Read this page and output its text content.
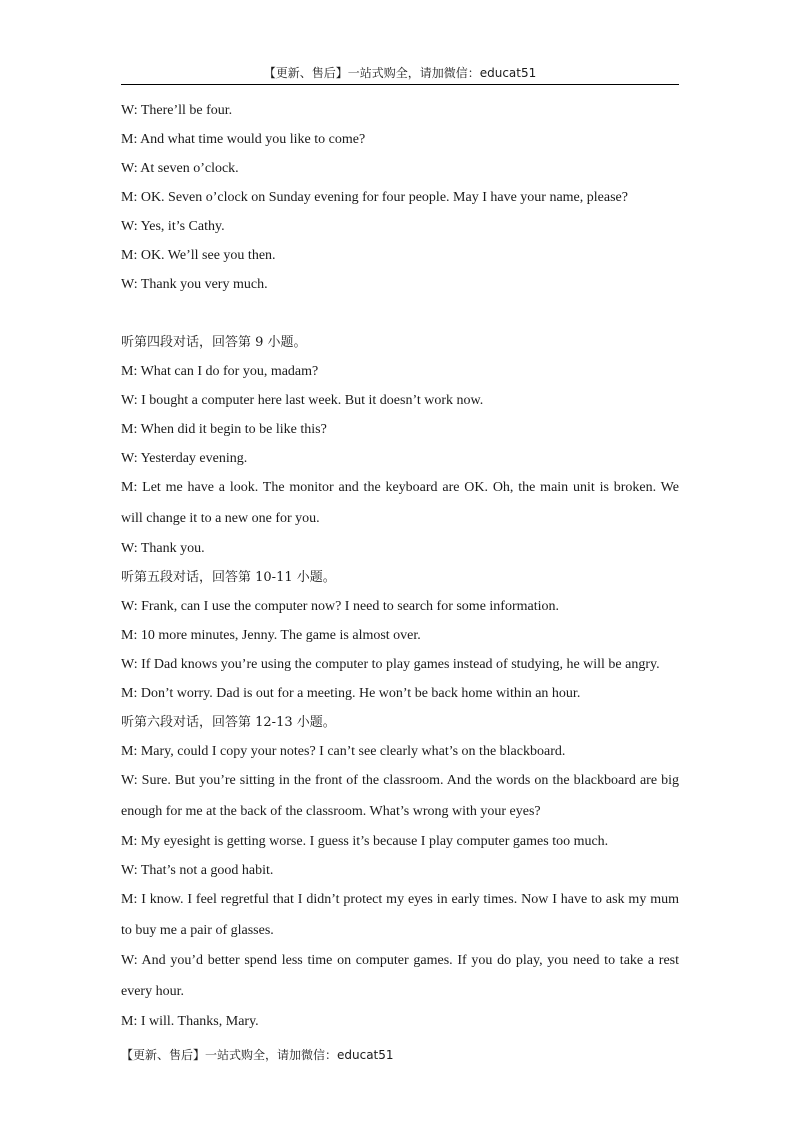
【更新、售后】一站式购全，请加微信：educat51
W: There’ll be four.
M: And what time would you like to come?
W: At seven o’clock.
M: OK. Seven o’clock on Sunday evening for four people. May I have your name, please?
W: Yes, it’s Cathy.
M: OK. We’ll see you then.
W: Thank you very much.
听第四段对话，回答第 9 小题。
M: What can I do for you, madam?
W: I bought a computer here last week. But it doesn’t work now.
M: When did it begin to be like this?
W: Yesterday evening.
M: Let me have a look. The monitor and the keyboard are OK. Oh, the main unit is broken. We will change it to a new one for you.
W: Thank you.
听第五段对话，回答第 10-11 小题。
W: Frank, can I use the computer now? I need to search for some information.
M: 10 more minutes, Jenny. The game is almost over.
W: If Dad knows you’re using the computer to play games instead of studying, he will be angry.
M: Don’t worry. Dad is out for a meeting. He won’t be back home within an hour.
听第六段对话，回答第 12-13 小题。
M: Mary, could I copy your notes? I can’t see clearly what’s on the blackboard.
W: Sure. But you’re sitting in the front of the classroom. And the words on the blackboard are big enough for me at the back of the classroom. What’s wrong with your eyes?
M: My eyesight is getting worse. I guess it’s because I play computer games too much.
W: That’s not a good habit.
M: I know. I feel regretful that I didn’t protect my eyes in early times. Now I have to ask my mum to buy me a pair of glasses.
W: And you’d better spend less time on computer games. If you do play, you need to take a rest every hour.
M: I will. Thanks, Mary.
【更新、售后】一站式购全，请加微信：educat51
